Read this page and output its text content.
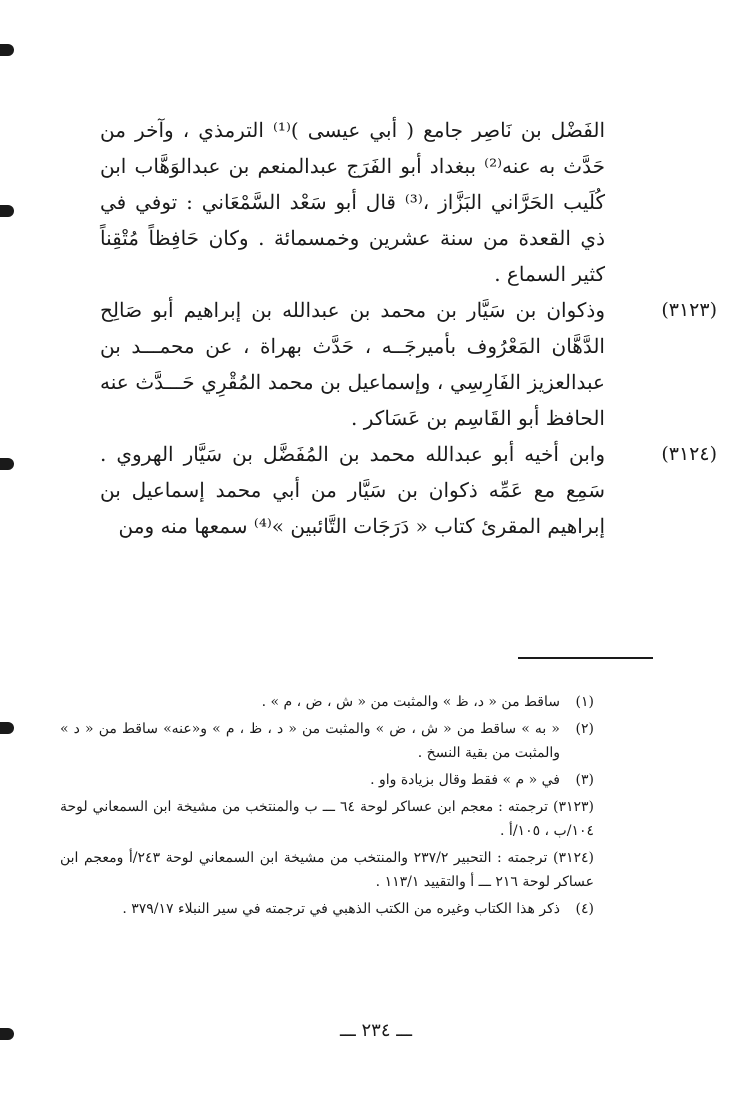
الفَضْل بن نَاصِر جامع ( أبي عيسى )⁽¹⁾ الترمذي ، وآخر من حَدَّث به عنه⁽²⁾ ببغداد أبو الفَرَج عبدالمنعم بن عبدالوَهَّاب ابن كُلَيب الحَرَّاني البَزَّاز ،⁽³⁾ قال أبو سَعْد السَّمْعَاني : توفي في ذي القعدة من سنة عشرين وخمسمائة . وكان حَافِظاً مُتْقِناً كثير السماع .
(٣١٢٣)
وذكوان بن سَيَّار بن محمد بن عبدالله بن إبراهيم أبو صَالِح الدَّهَّان المَعْرُوف بأميرجَــه ، حَدَّث بهراة ، عن محمـــد بن عبدالعزيز الفَارِسِي ، وإسماعيل بن محمد المُقْرِي حَـــدَّث عنه الحافظ أبو القَاسِم بن عَسَاكر .
(٣١٢٤)
وابن أخيه أبو عبدالله محمد بن المُفَضَّل بن سَيَّار الهروي . سَمِع مع عَمِّه ذكوان بن سَيَّار من أبي محمد إسماعيل بن إبراهيم المقرئ كتاب « دَرَجَات التَّائبين »⁽⁴⁾ سمعها منه ومن
(١)
ساقط من « د، ظ » والمثبت من « ش ، ض ، م » .
(٢)
« به » ساقط من « ش ، ض » والمثبت من « د ، ظ ، م » و«عنه» ساقط من « د » والمثبت من بقية النسخ .
(٣)
في « م » فقط وقال بزيادة واو .
(٣١٢٣) ترجمته : معجم ابن عساكر لوحة ٦٤ ـــ ب والمنتخب من مشيخة ابن السمعاني لوحة ١٠٤/ب ، ١٠٥/أ .
(٣١٢٤) ترجمته : التحبير ٢٣٧/٢ والمنتخب من مشيخة ابن السمعاني لوحة ٢٤٣/أ ومعجم ابن عساكر لوحة ٢١٦ ـــ أ والتقييد ١١٣/١ .
(٤)
ذكر هذا الكتاب وغيره من الكتب الذهبي في ترجمته في سير النبلاء ٣٧٩/١٧ .
ـــ ٢٣٤ ـــ
